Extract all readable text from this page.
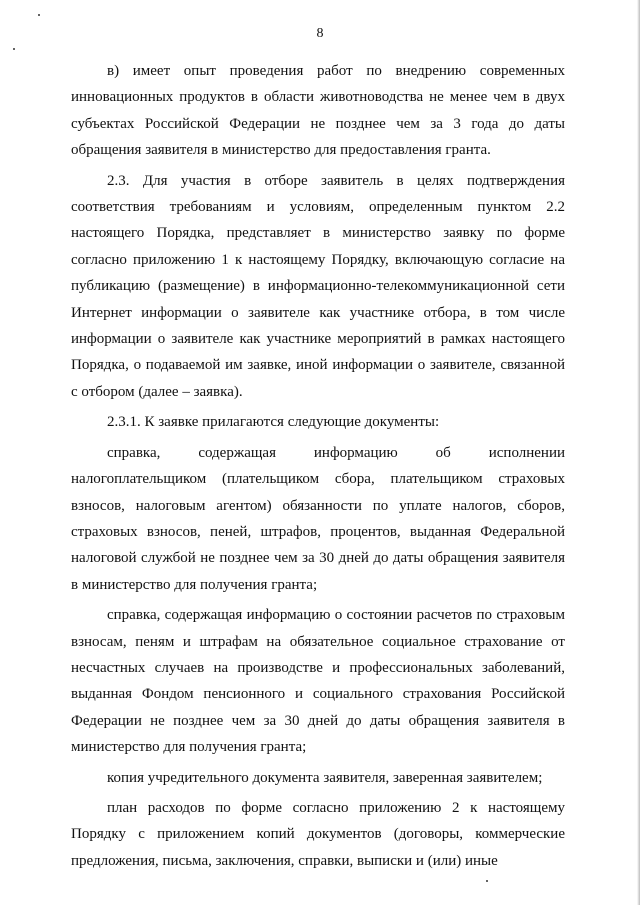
8

в) имеет опыт проведения работ по внедрению современных инновационных продуктов в области животноводства не менее чем в двух субъектах Российской Федерации не позднее чем за 3 года до даты обращения заявителя в министерство для предоставления гранта.

2.3. Для участия в отборе заявитель в целях подтверждения соответствия требованиям и условиям, определенным пунктом 2.2 настоящего Порядка, представляет в министерство заявку по форме согласно приложению 1 к настоящему Порядку, включающую согласие на публикацию (размещение) в информационно-телекоммуникационной сети Интернет информации о заявителе как участнике отбора, в том числе информации о заявителе как участнике мероприятий в рамках настоящего Порядка, о подаваемой им заявке, иной информации о заявителе, связанной с отбором (далее – заявка).

2.3.1. К заявке прилагаются следующие документы:

справка, содержащая информацию об исполнении налогоплательщиком (плательщиком сбора, плательщиком страховых взносов, налоговым агентом) обязанности по уплате налогов, сборов, страховых взносов, пеней, штрафов, процентов, выданная Федеральной налоговой службой не позднее чем за 30 дней до даты обращения заявителя в министерство для получения гранта;

справка, содержащая информацию о состоянии расчетов по страховым взносам, пеням и штрафам на обязательное социальное страхование от несчастных случаев на производстве и профессиональных заболеваний, выданная Фондом пенсионного и социального страхования Российской Федерации не позднее чем за 30 дней до даты обращения заявителя в министерство для получения гранта;

копия учредительного документа заявителя, заверенная заявителем;

план расходов по форме согласно приложению 2 к настоящему Порядку с приложением копий документов (договоры, коммерческие предложения, письма, заключения, справки, выписки и (или) иные
